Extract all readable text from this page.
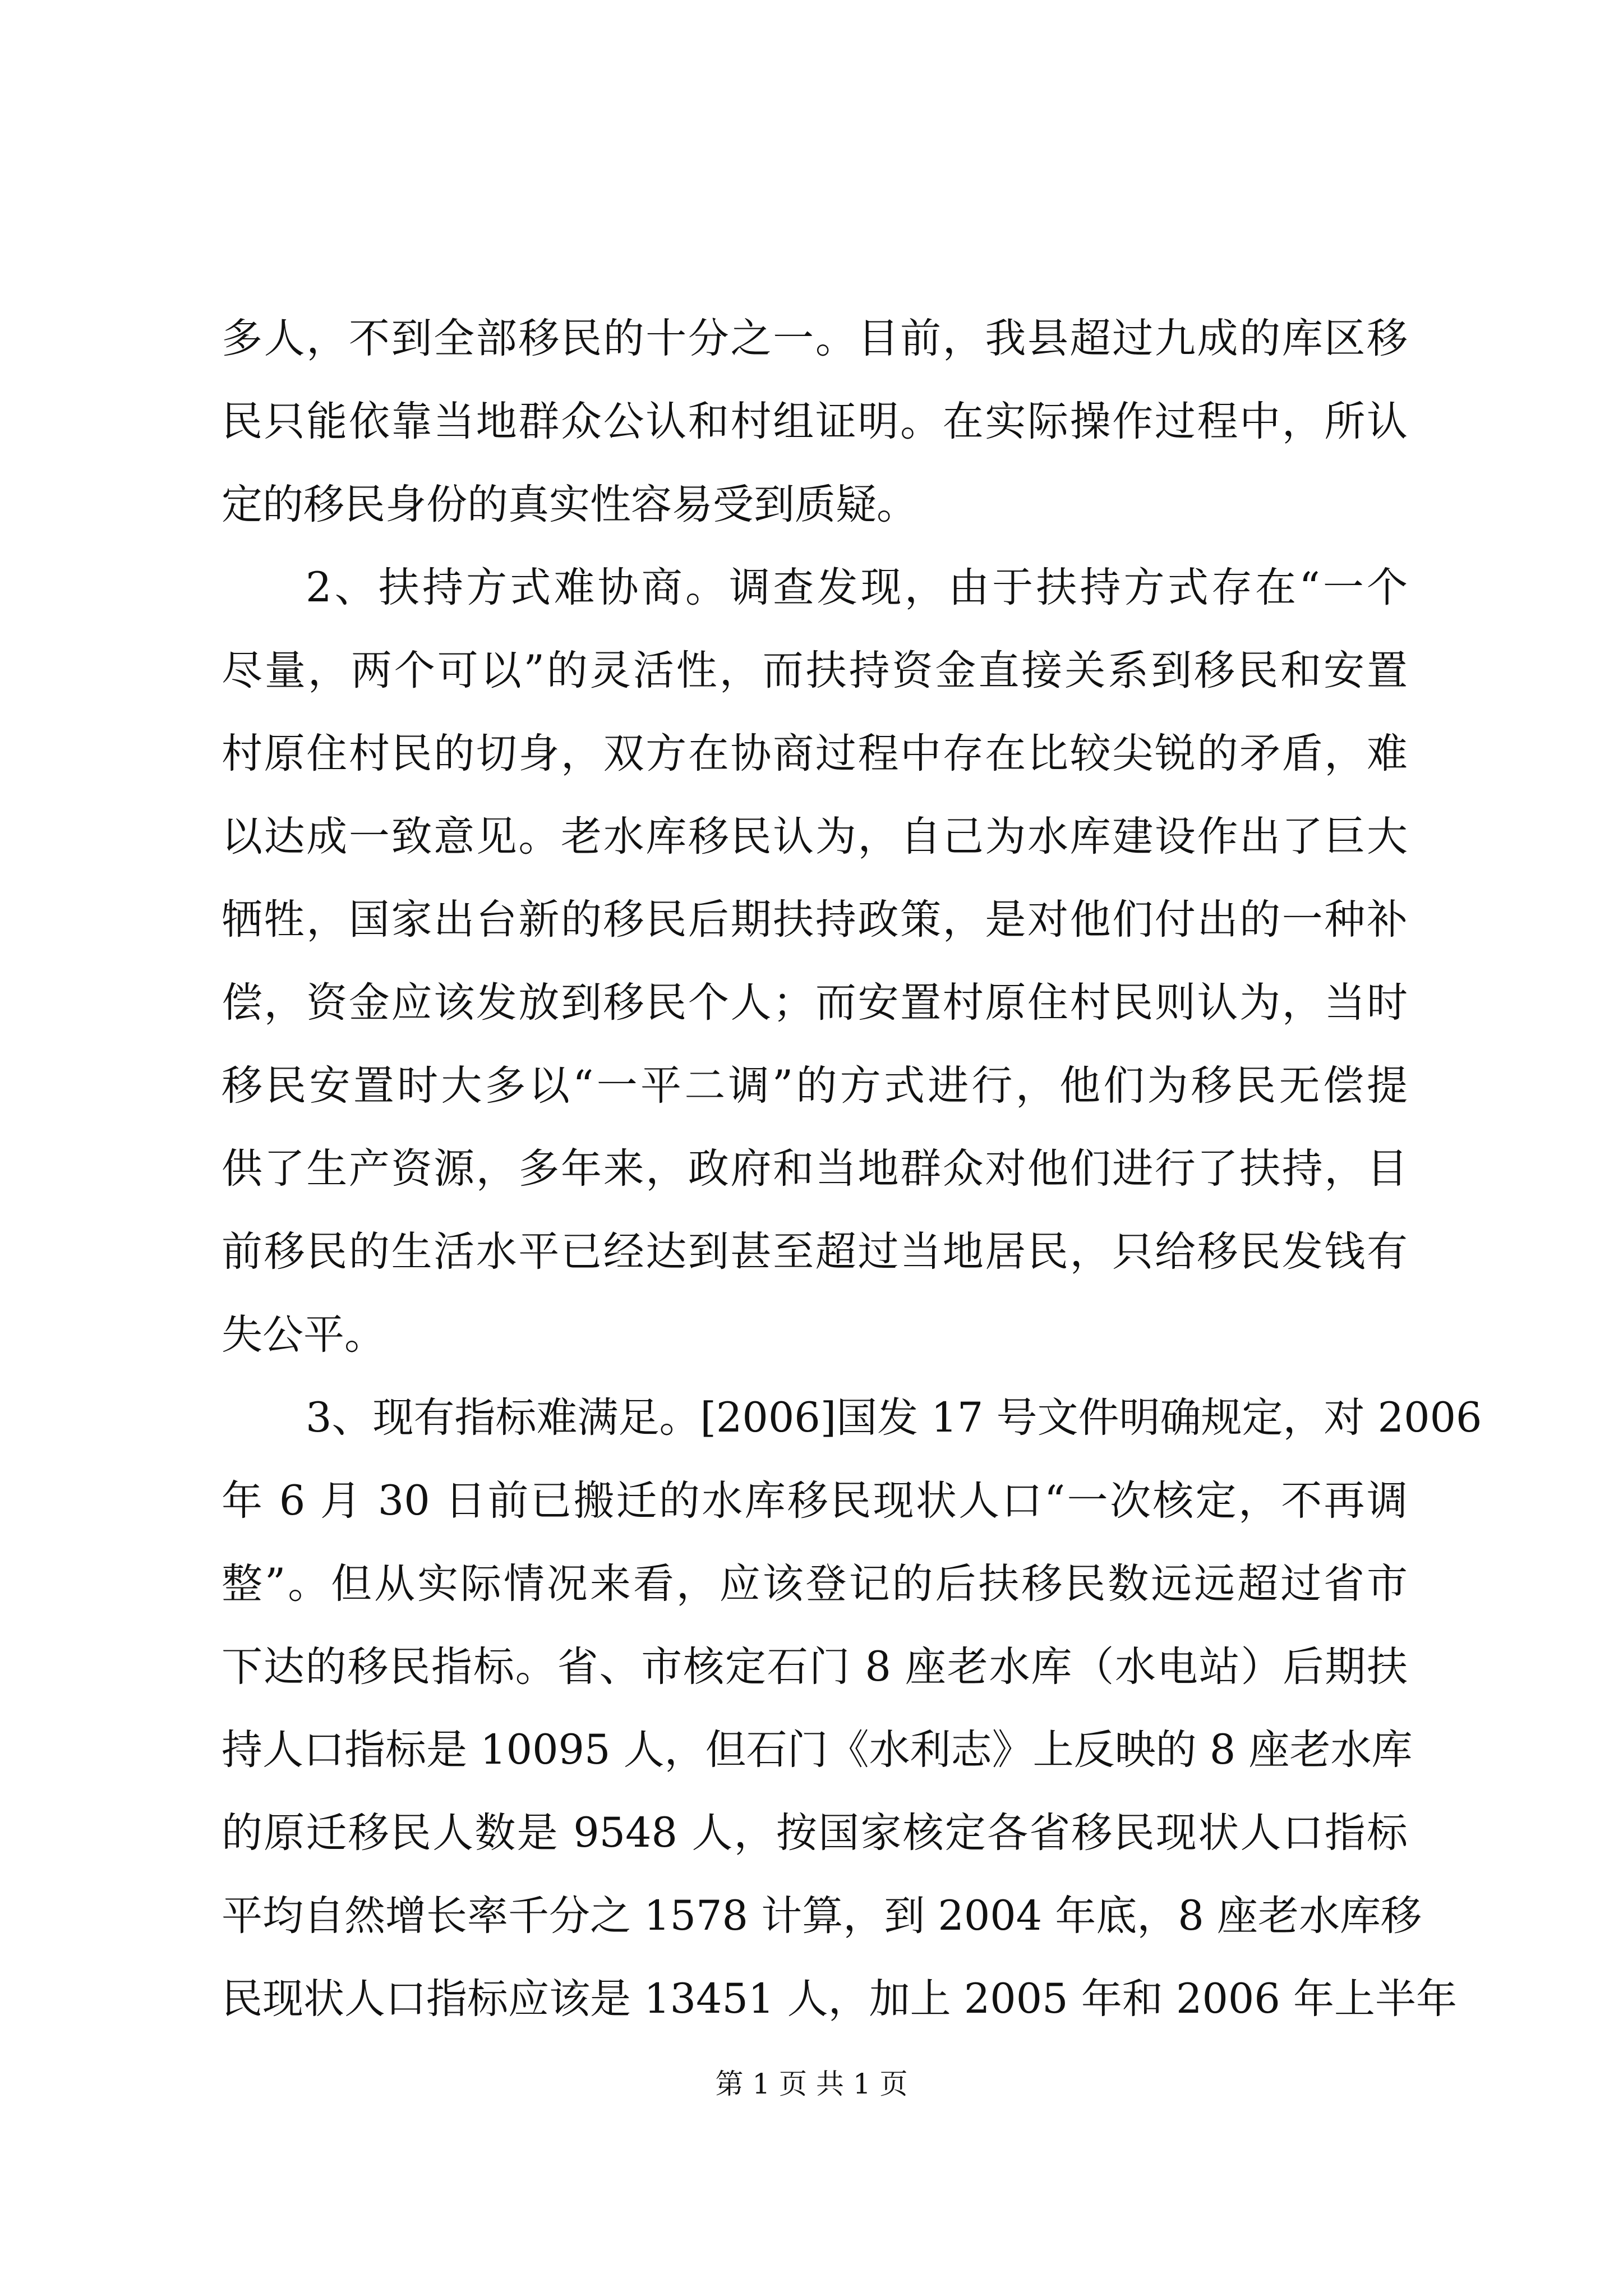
多人，不到全部移民的十分之一。目前，我县超过九成的库区移
民只能依靠当地群众公认和村组证明。在实际操作过程中，所认
定的移民身份的真实性容易受到质疑。
2、扶持方式难协商。调查发现，由于扶持方式存在“一个
尽量，两个可以”的灵活性，而扶持资金直接关系到移民和安置
村原住村民的切身，双方在协商过程中存在比较尖锐的矛盾，难
以达成一致意见。老水库移民认为，自己为水库建设作出了巨大
牺牲，国家出台新的移民后期扶持政策，是对他们付出的一种补
偿，资金应该发放到移民个人；而安置村原住村民则认为，当时
移民安置时大多以“一平二调”的方式进行，他们为移民无偿提
供了生产资源，多年来，政府和当地群众对他们进行了扶持，目
前移民的生活水平已经达到甚至超过当地居民，只给移民发钱有
失公平。
3、现有指标难满足。[2006]国发 17 号文件明确规定，对 2006
年 6 月 30 日前已搬迁的水库移民现状人口“一次核定，不再调
整”。但从实际情况来看，应该登记的后扶移民数远远超过省市
下达的移民指标。省、市核定石门 8 座老水库（水电站）后期扶
持人口指标是 10095 人，但石门《水利志》上反映的 8 座老水库
的原迁移民人数是 9548 人，按国家核定各省移民现状人口指标
平均自然增长率千分之 1578 计算，到 2004 年底，8 座老水库移
民现状人口指标应该是 13451 人，加上 2005 年和 2006 年上半年
第 1 页 共 1 页
